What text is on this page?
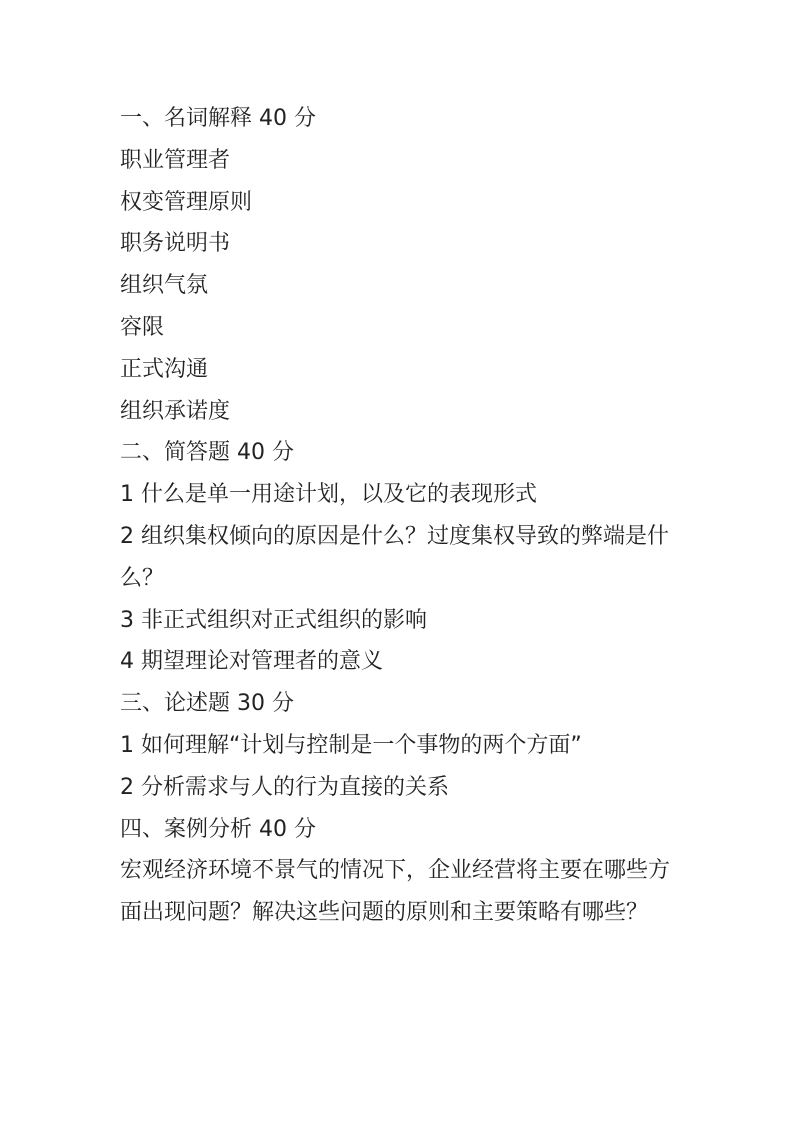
一、名词解释 40 分

职业管理者

权变管理原则

职务说明书

组织气氛

容限

正式沟通

组织承诺度

二、简答题 40 分

1 什么是单一用途计划，以及它的表现形式

2 组织集权倾向的原因是什么？过度集权导致的弊端是什么？

3 非正式组织对正式组织的影响

4 期望理论对管理者的意义

三、论述题 30 分

1 如何理解“计划与控制是一个事物的两个方面”

2 分析需求与人的行为直接的关系

四、案例分析 40 分

宏观经济环境不景气的情况下，企业经营将主要在哪些方面出现问题？解决这些问题的原则和主要策略有哪些？
